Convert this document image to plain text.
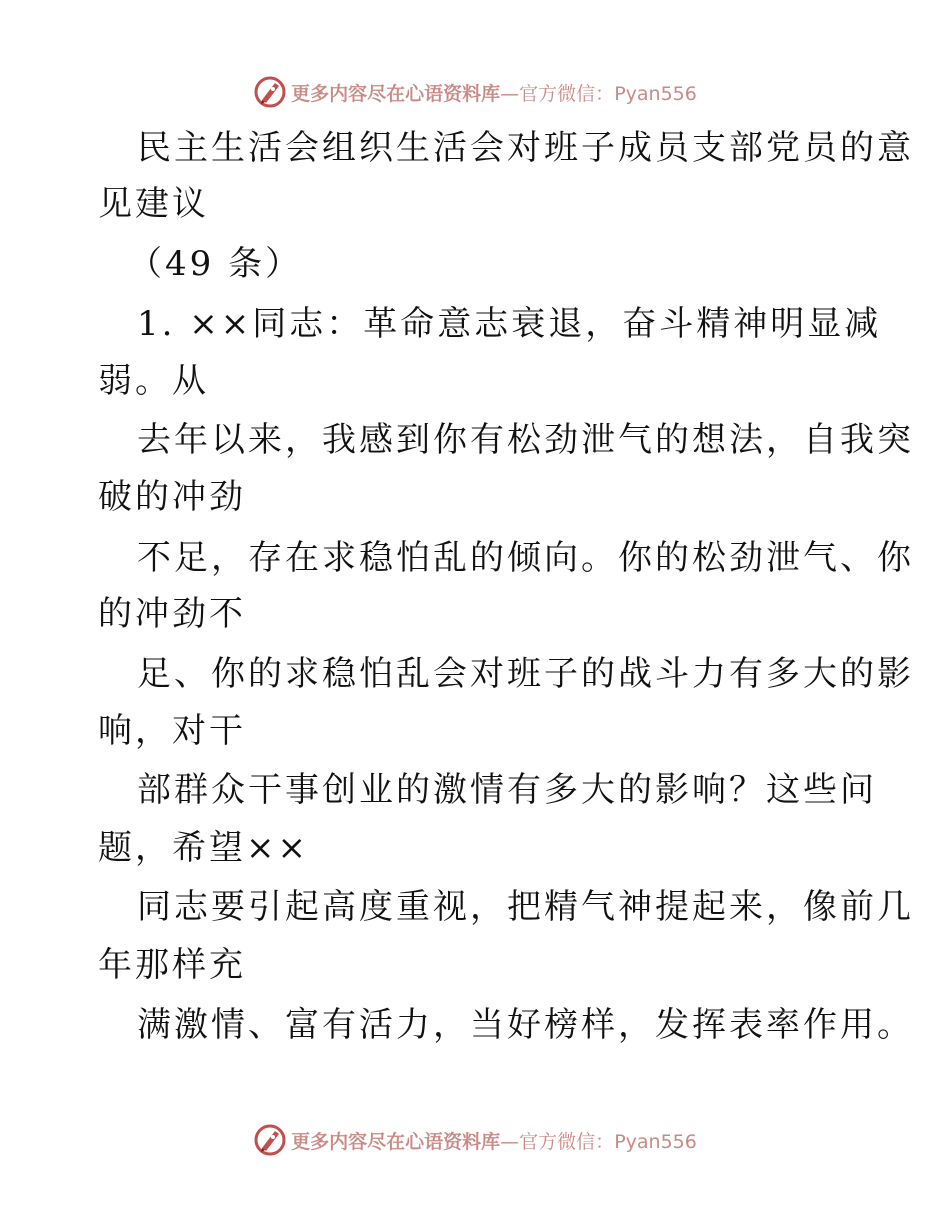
更多内容尽在心语资料库—官方微信：Pyan556
民主生活会组织生活会对班子成员支部党员的意
见建议
（49 条）
1. ××同志：革命意志衰退，奋斗精神明显减
弱。从
去年以来，我感到你有松劲泄气的想法，自我突
破的冲劲
不足，存在求稳怕乱的倾向。你的松劲泄气、你
的冲劲不
足、你的求稳怕乱会对班子的战斗力有多大的影
响，对干
部群众干事创业的激情有多大的影响？这些问
题，希望××
同志要引起高度重视，把精气神提起来，像前几
年那样充
满激情、富有活力，当好榜样，发挥表率作用。
更多内容尽在心语资料库—官方微信：Pyan556
